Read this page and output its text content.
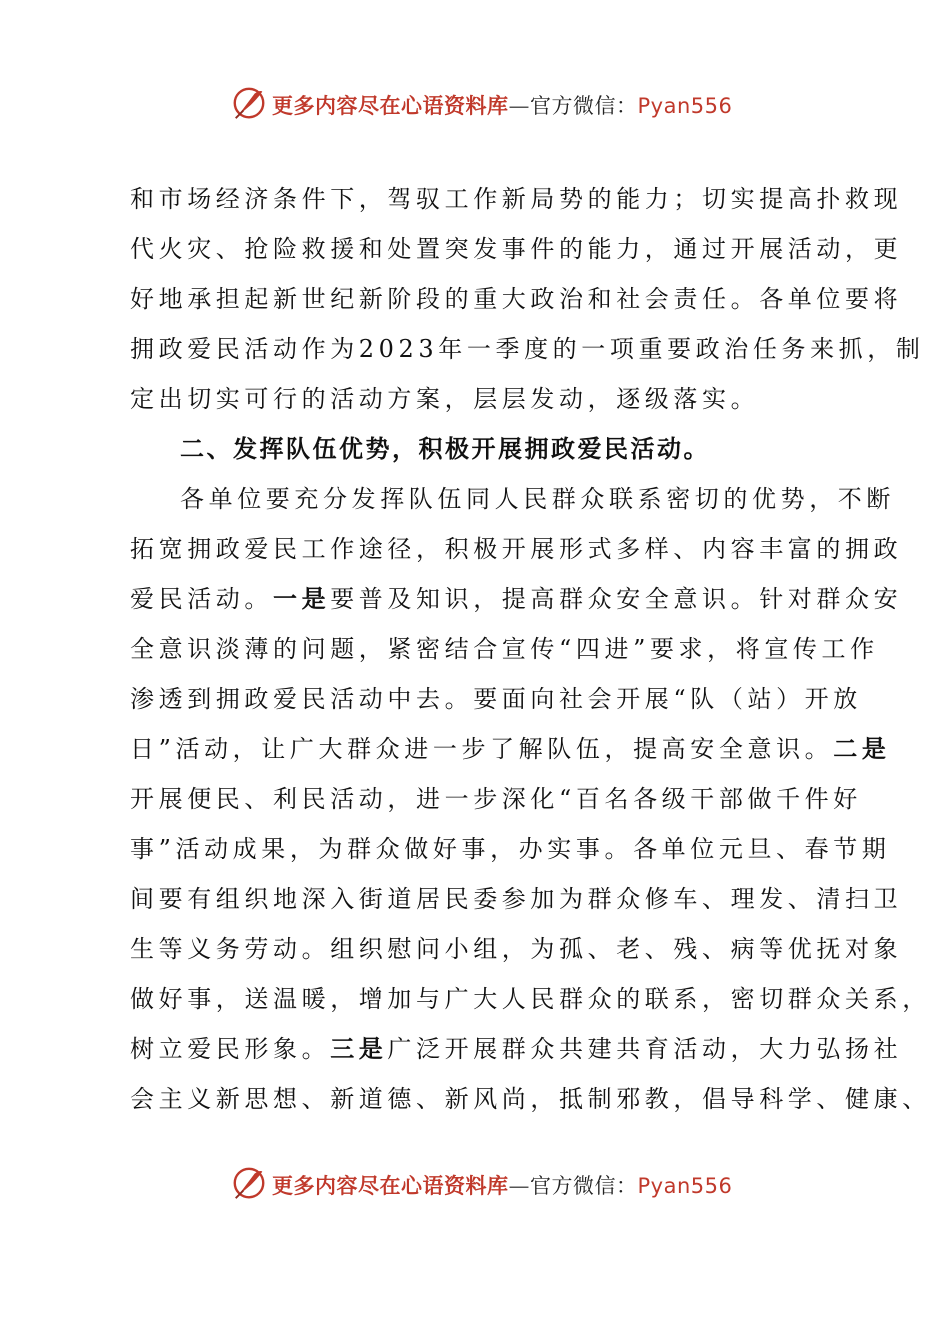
更多内容尽在心语资料库—官方微信：Pyan556
和市场经济条件下，驾驭工作新局势的能力；切实提高扑救现
代火灾、抢险救援和处置突发事件的能力，通过开展活动，更
好地承担起新世纪新阶段的重大政治和社会责任。各单位要将
拥政爱民活动作为2023年一季度的一项重要政治任务来抓，制
定出切实可行的活动方案，层层发动，逐级落实。
二、发挥队伍优势，积极开展拥政爱民活动。
各单位要充分发挥队伍同人民群众联系密切的优势，不断
拓宽拥政爱民工作途径，积极开展形式多样、内容丰富的拥政
爱民活动。一是要普及知识，提高群众安全意识。针对群众安
全意识淡薄的问题，紧密结合宣传“四进”要求，将宣传工作
渗透到拥政爱民活动中去。要面向社会开展“队（站）开放
日”活动，让广大群众进一步了解队伍，提高安全意识。二是
开展便民、利民活动，进一步深化“百名各级干部做千件好
事”活动成果，为群众做好事，办实事。各单位元旦、春节期
间要有组织地深入街道居民委参加为群众修车、理发、清扫卫
生等义务劳动。组织慰问小组，为孤、老、残、病等优抚对象
做好事，送温暖，增加与广大人民群众的联系，密切群众关系，
树立爱民形象。三是广泛开展群众共建共育活动，大力弘扬社
会主义新思想、新道德、新风尚，抵制邪教，倡导科学、健康、
更多内容尽在心语资料库—官方微信：Pyan556
